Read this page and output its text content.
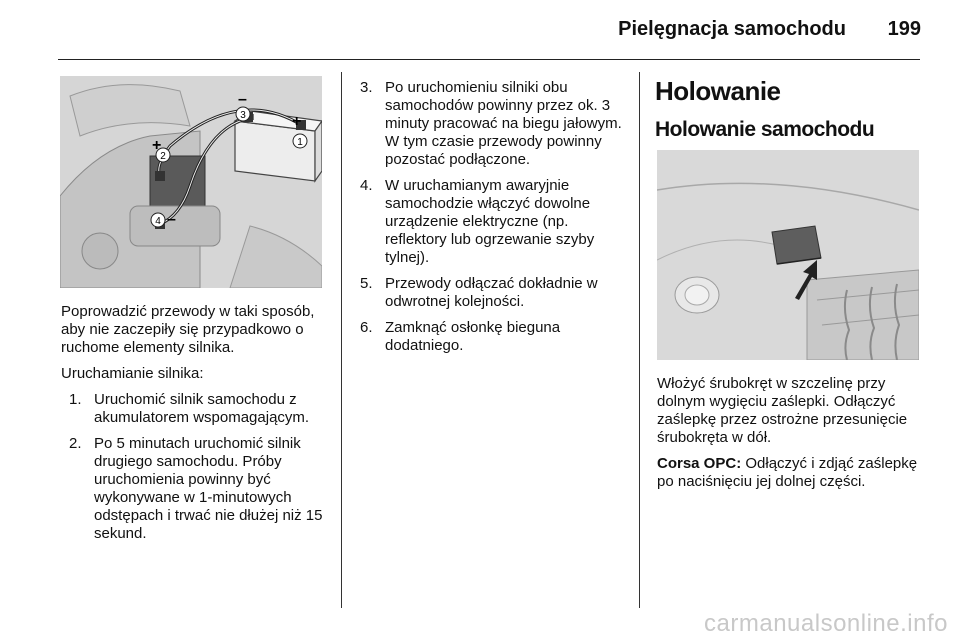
Pielęgnacja samochodu 199
1
3
2
4
+
–
+
–

Poprowadzić przewody w taki sposób, aby nie zaczepiły się przypadkowo o ruchome elementy silnika.

Uruchamianie silnika:

1. Uruchomić silnik samochodu z akumulatorem wspomagającym.
2. Po 5 minutach uruchomić silnik drugiego samochodu. Próby uruchomienia powinny być wykonywane w 1-minutowych odstępach i trwać nie dłużej niż 15 sekund.
3. Po uruchomieniu silniki obu samochodów powinny przez ok. 3 minuty pracować na biegu jałowym. W tym czasie przewody powinny pozostać podłączone.
4. W uruchamianym awaryjnie samochodzie włączyć dowolne urządzenie elektryczne (np. reflektory lub ogrzewanie szyby tylnej).
5. Przewody odłączać dokładnie w odwrotnej kolejności.
6. Zamknąć osłonkę bieguna dodatniego.
Holowanie
Holowanie samochodu

Włożyć śrubokręt w szczelinę przy dolnym wygięciu zaślepki. Odłączyć zaślepkę przez ostrożne przesunięcie śrubokręta w dół.

Corsa OPC: Odłączyć i zdjąć zaślepkę po naciśnięciu jej dolnej części.

carmanualsonline.info
